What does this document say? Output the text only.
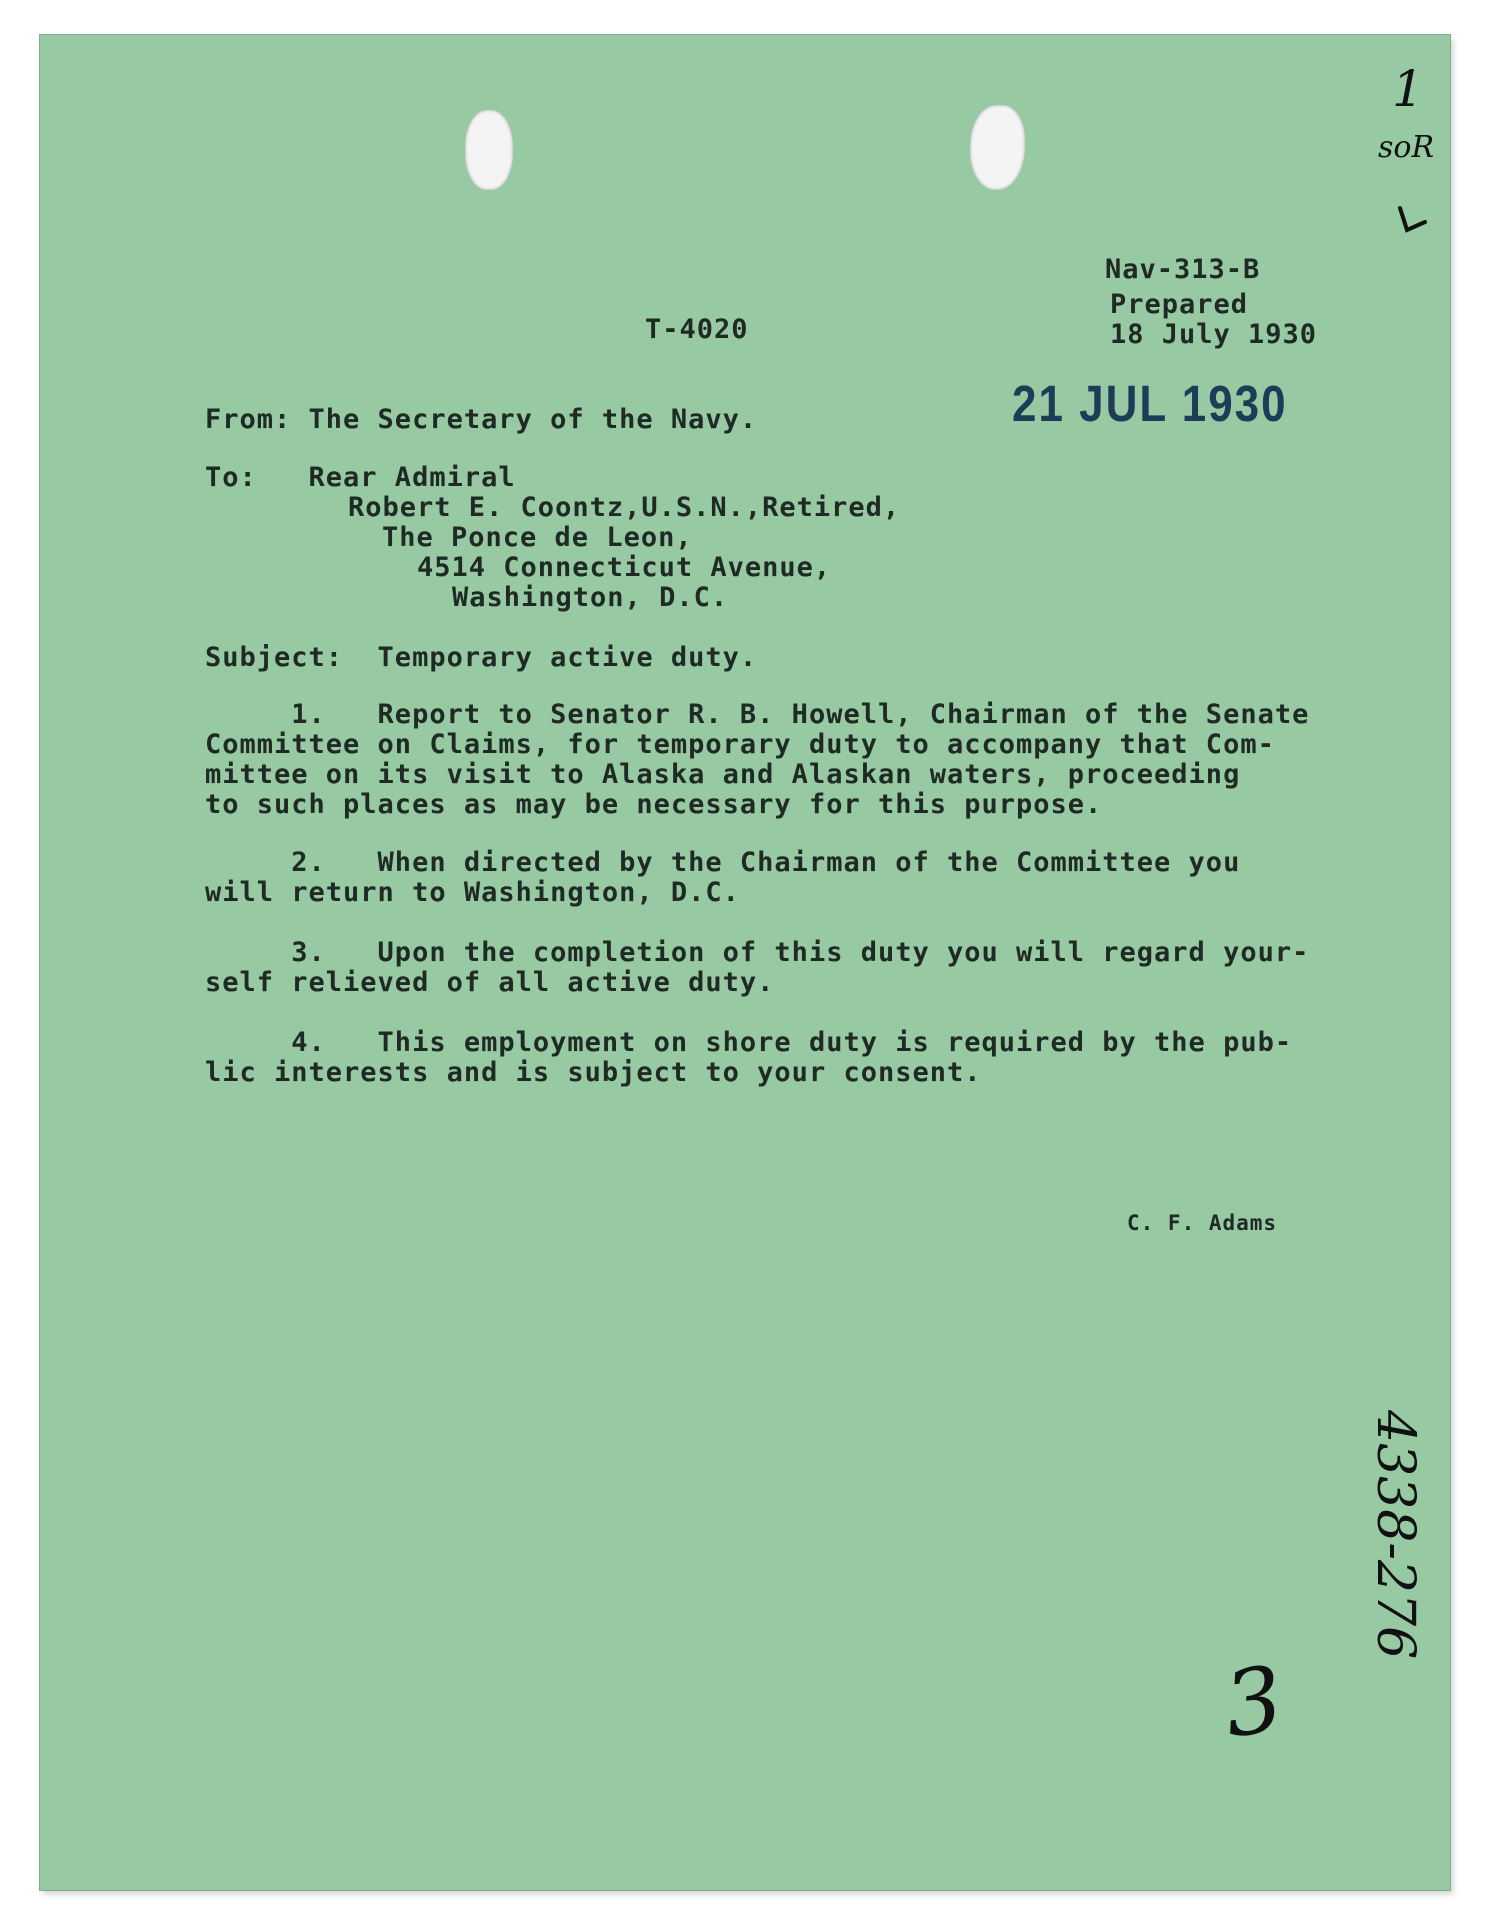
Nav-313-B
Prepared
18 July 1930
T-4020
21 JUL 1930
From: The Secretary of the Navy.
To:   Rear Admiral
Robert E. Coontz,U.S.N.,Retired,
The Ponce de Leon,
4514 Connecticut Avenue,
Washington, D.C.
Subject:  Temporary active duty.
1.   Report to Senator R. B. Howell, Chairman of the Senate
Committee on Claims, for temporary duty to accompany that Com-
mittee on its visit to Alaska and Alaskan waters, proceeding
to such places as may be necessary for this purpose.
2.   When directed by the Chairman of the Committee you
will return to Washington, D.C.
3.   Upon the completion of this duty you will regard your-
self relieved of all active duty.
4.   This employment on shore duty is required by the pub-
lic interests and is subject to your consent.
C. F. Adams
1
soR
4338-276
3
